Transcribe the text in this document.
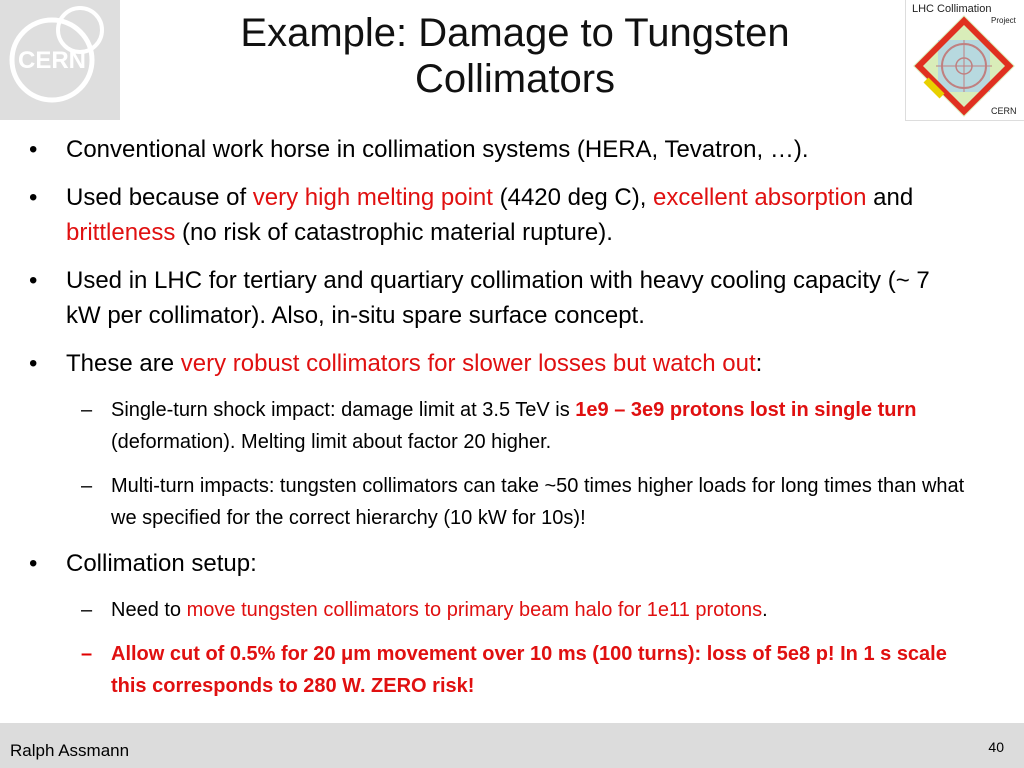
CERN
Example: Damage to Tungsten
Collimators
LHC Collimation
Project
CERN
• Conventional work horse in collimation systems (HERA, Tevatron, …).
• Used because of very high melting point (4420 deg C), excellent absorption and brittleness (no risk of catastrophic material rupture).
• Used in LHC for tertiary and quartiary collimation with heavy cooling capacity (~ 7 kW per collimator). Also, in-situ spare surface concept.
• These are very robust collimators for slower losses but watch out:
– Single-turn shock impact: damage limit at 3.5 TeV is 1e9 – 3e9 protons lost in single turn (deformation). Melting limit about factor 20 higher.
– Multi-turn impacts: tungsten collimators can take ~50 times higher loads for long times than what we specified for the correct hierarchy (10 kW for 10s)!
• Collimation setup:
– Need to move tungsten collimators to primary beam halo for 1e11 protons.
– Allow cut of 0.5% for 20 μm movement over 10 ms (100 turns): loss of 5e8 p! In 1 s scale this corresponds to 280 W. ZERO risk!
Ralph Assmann	40
